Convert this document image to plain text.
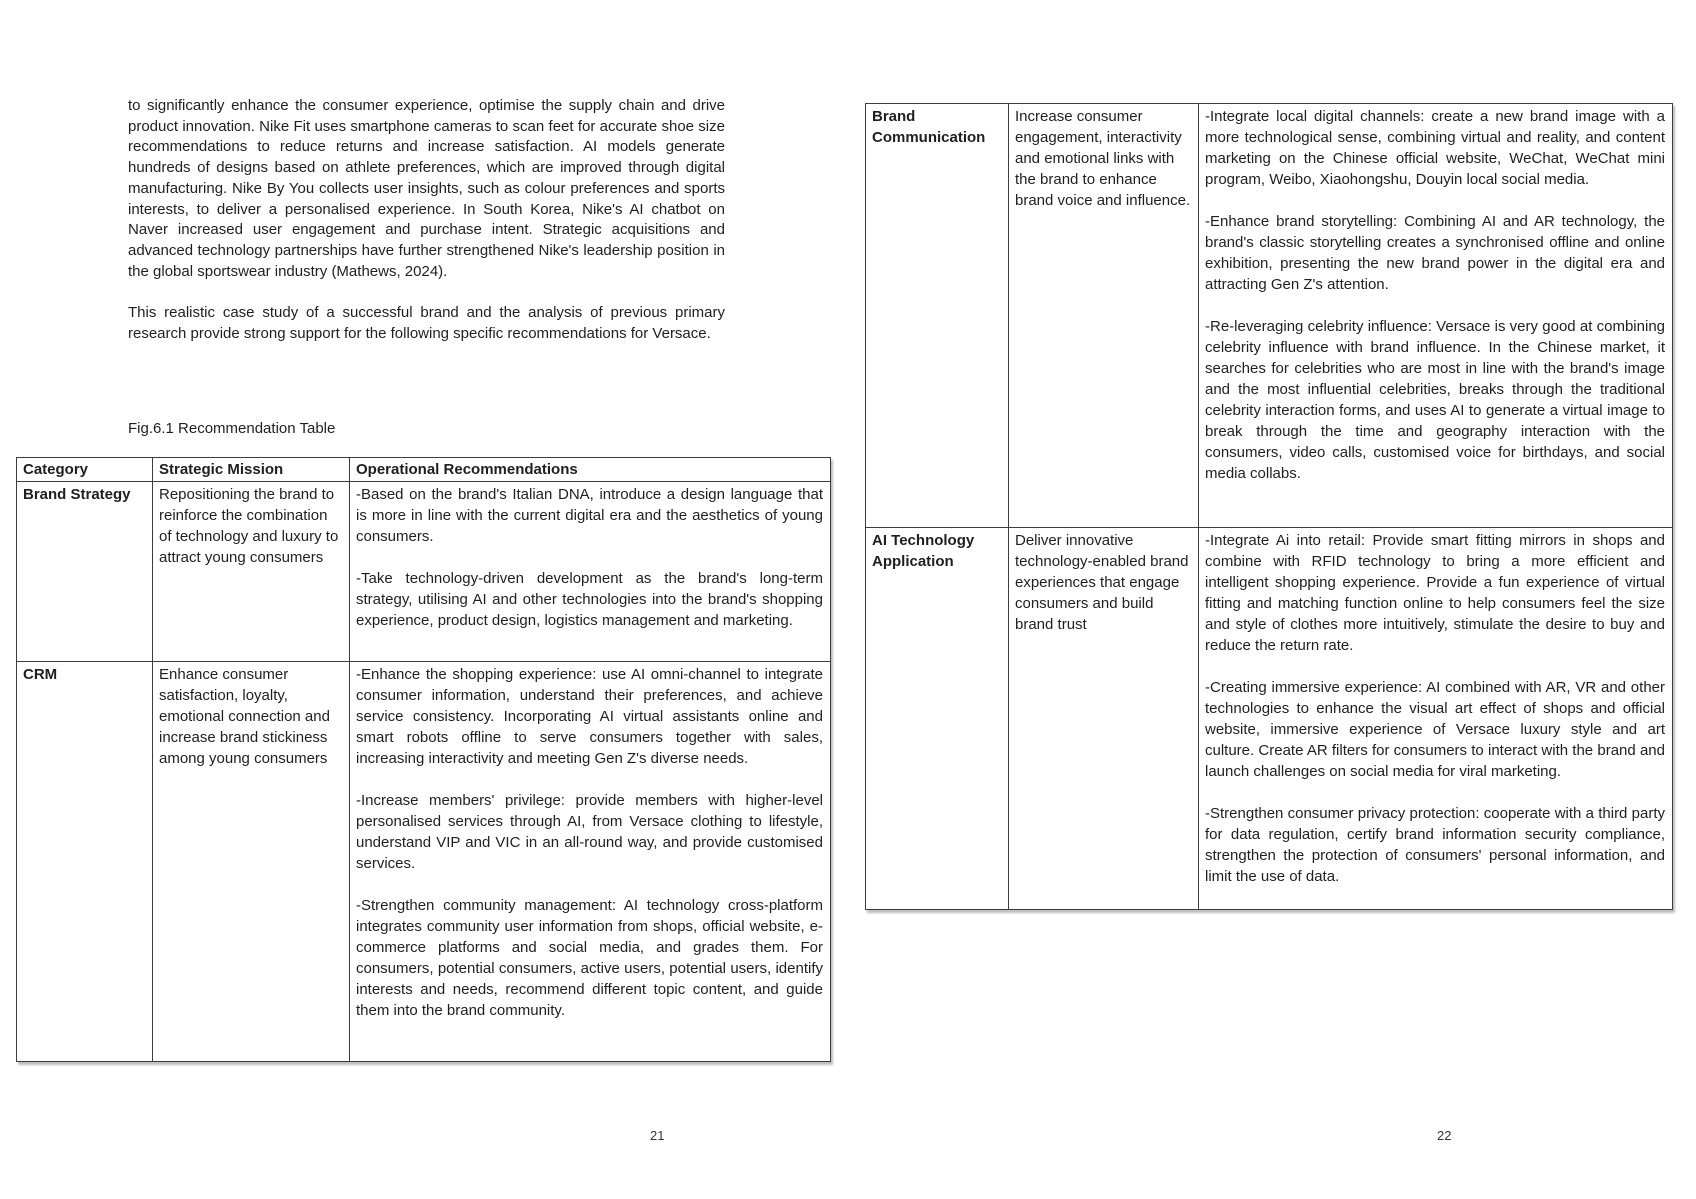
to significantly enhance the consumer experience, optimise the supply chain and drive product innovation. Nike Fit uses smartphone cameras to scan feet for accurate shoe size recommendations to reduce returns and increase satisfaction. AI models generate hundreds of designs based on athlete preferences, which are improved through digital manufacturing. Nike By You collects user insights, such as colour preferences and sports interests, to deliver a personalised experience. In South Korea, Nike's AI chatbot on Naver increased user engagement and purchase intent. Strategic acquisitions and advanced technology partnerships have further strengthened Nike's leadership position in the global sportswear industry (Mathews, 2024).
This realistic case study of a successful brand and the analysis of previous primary research provide strong support for the following specific recommendations for Versace.
Fig.6.1 Recommendation Table
Category	Strategic Mission	Operational Recommendations
Brand Strategy	Repositioning the brand to reinforce the combination of technology and luxury to attract young consumers	-Based on the brand's Italian DNA, introduce a design language that is more in line with the current digital era and the aesthetics of young consumers.

-Take technology-driven development as the brand's long-term strategy, utilising AI and other technologies into the brand's shopping experience, product design, logistics management and marketing.

CRM	Enhance consumer satisfaction, loyalty, emotional connection and increase brand stickiness among young consumers	-Enhance the shopping experience: use AI omni-channel to integrate consumer information, understand their preferences, and achieve service consistency. Incorporating AI virtual assistants online and smart robots offline to serve consumers together with sales, increasing interactivity and meeting Gen Z's diverse needs.

-Increase members' privilege: provide members with higher-level personalised services through AI, from Versace clothing to lifestyle, understand VIP and VIC in an all-round way, and provide customised services.

-Strengthen community management: AI technology cross-platform integrates community user information from shops, official website, e-commerce platforms and social media, and grades them. For consumers, potential consumers, active users, potential users, identify interests and needs, recommend different topic content, and guide them into the brand community.

21
Brand Communication	Increase consumer engagement, interactivity and emotional links with the brand to enhance brand voice and influence.	-Integrate local digital channels: create a new brand image with a more technological sense, combining virtual and reality, and content marketing on the Chinese official website, WeChat, WeChat mini program, Weibo, Xiaohongshu, Douyin local social media.

-Enhance brand storytelling: Combining AI and AR technology, the brand's classic storytelling creates a synchronised offline and online exhibition, presenting the new brand power in the digital era and attracting Gen Z's attention.

-Re-leveraging celebrity influence: Versace is very good at combining celebrity influence with brand influence. In the Chinese market, it searches for celebrities who are most in line with the brand's image and the most influential celebrities, breaks through the traditional celebrity interaction forms, and uses AI to generate a virtual image to break through the time and geography interaction with the consumers, video calls, customised voice for birthdays, and social media collabs.

AI Technology Application	Deliver innovative technology-enabled brand experiences that engage consumers and build brand trust	-Integrate Ai into retail: Provide smart fitting mirrors in shops and combine with RFID technology to bring a more efficient and intelligent shopping experience. Provide a fun experience of virtual fitting and matching function online to help consumers feel the size and style of clothes more intuitively, stimulate the desire to buy and reduce the return rate.

-Creating immersive experience: AI combined with AR, VR and other technologies to enhance the visual art effect of shops and official website, immersive experience of Versace luxury style and art culture. Create AR filters for consumers to interact with the brand and launch challenges on social media for viral marketing.

-Strengthen consumer privacy protection: cooperate with a third party for data regulation, certify brand information security compliance, strengthen the protection of consumers' personal information, and limit the use of data.

22
